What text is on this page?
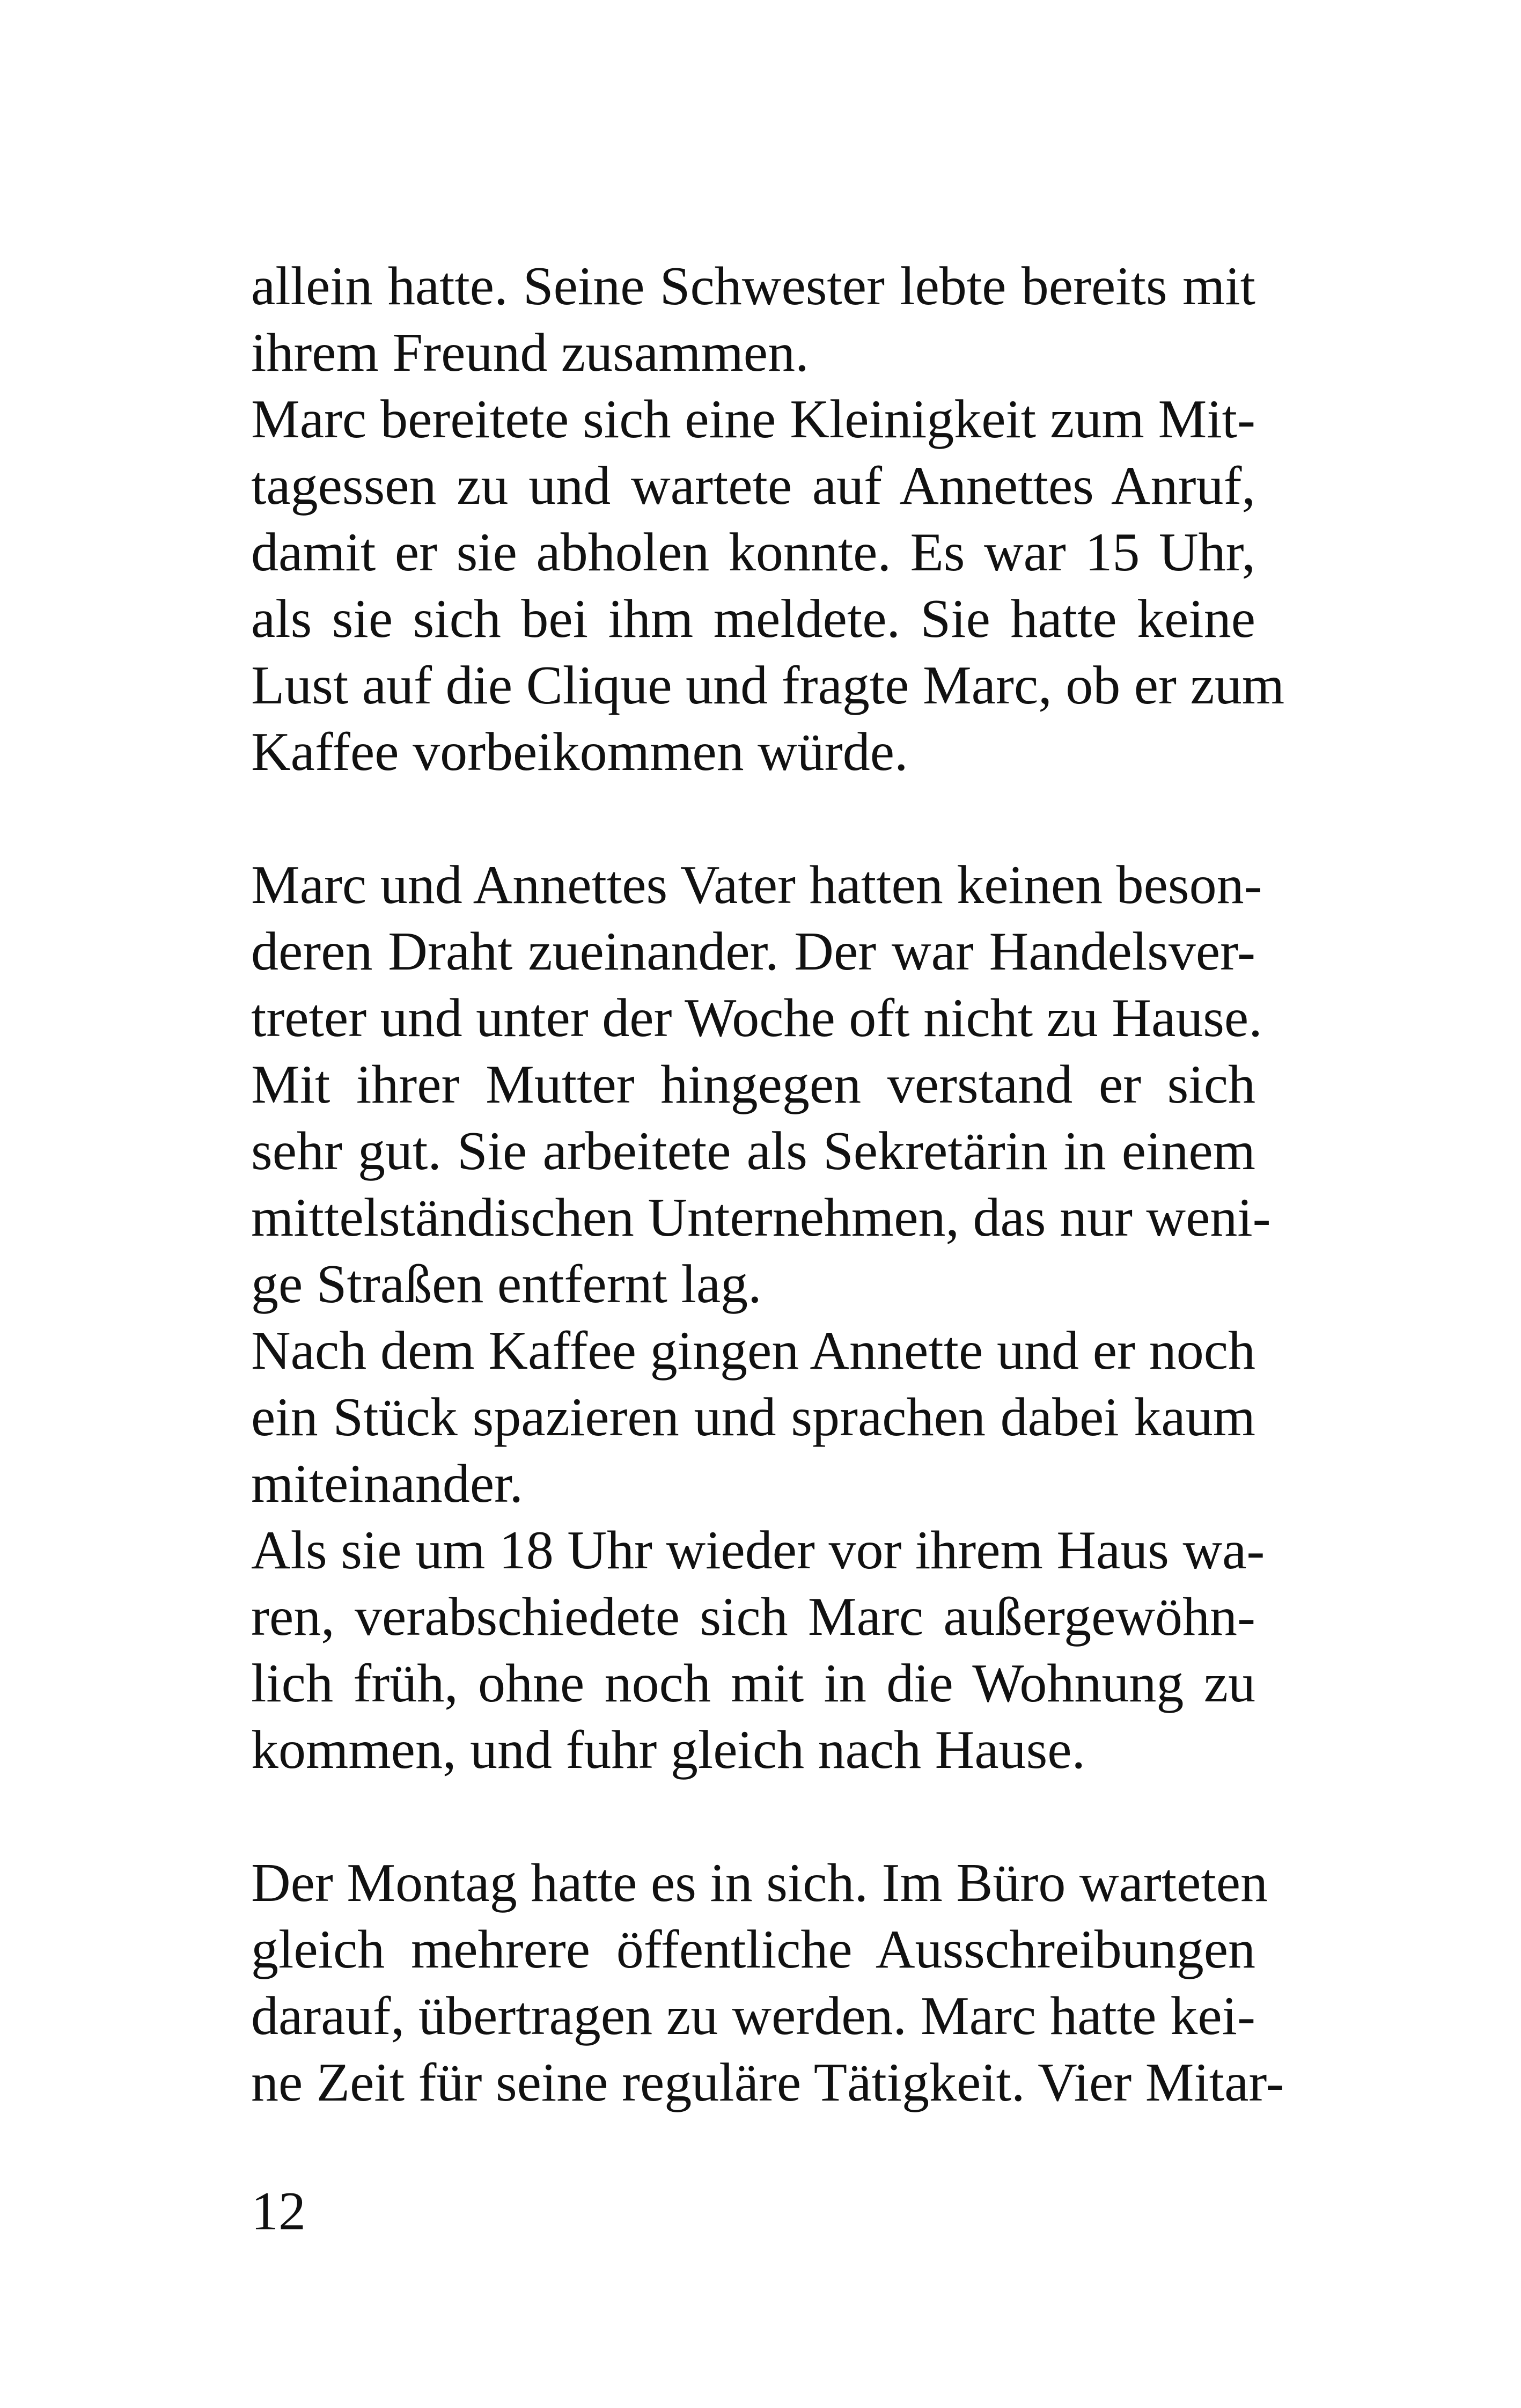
allein hatte. Seine Schwester lebte bereits mit
ihrem Freund zusammen.
Marc bereitete sich eine Kleinigkeit zum Mit-
tagessen zu und wartete auf Annettes Anruf,
damit er sie abholen konnte. Es war 15 Uhr,
als sie sich bei ihm meldete. Sie hatte keine
Lust auf die Clique und fragte Marc, ob er zum
Kaffee vorbeikommen würde.
Marc und Annettes Vater hatten keinen beson-
deren Draht zueinander. Der war Handelsver-
treter und unter der Woche oft nicht zu Hause.
Mit ihrer Mutter hingegen verstand er sich
sehr gut. Sie arbeitete als Sekretärin in einem
mittelständischen Unternehmen, das nur weni-
ge Straßen entfernt lag.
Nach dem Kaffee gingen Annette und er noch
ein Stück spazieren und sprachen dabei kaum
miteinander.
Als sie um 18 Uhr wieder vor ihrem Haus wa-
ren, verabschiedete sich Marc außergewöhn-
lich früh, ohne noch mit in die Wohnung zu
kommen, und fuhr gleich nach Hause.
Der Montag hatte es in sich. Im Büro warteten
gleich mehrere öffentliche Ausschreibungen
darauf, übertragen zu werden. Marc hatte kei-
ne Zeit für seine reguläre Tätigkeit. Vier Mitar-
12
